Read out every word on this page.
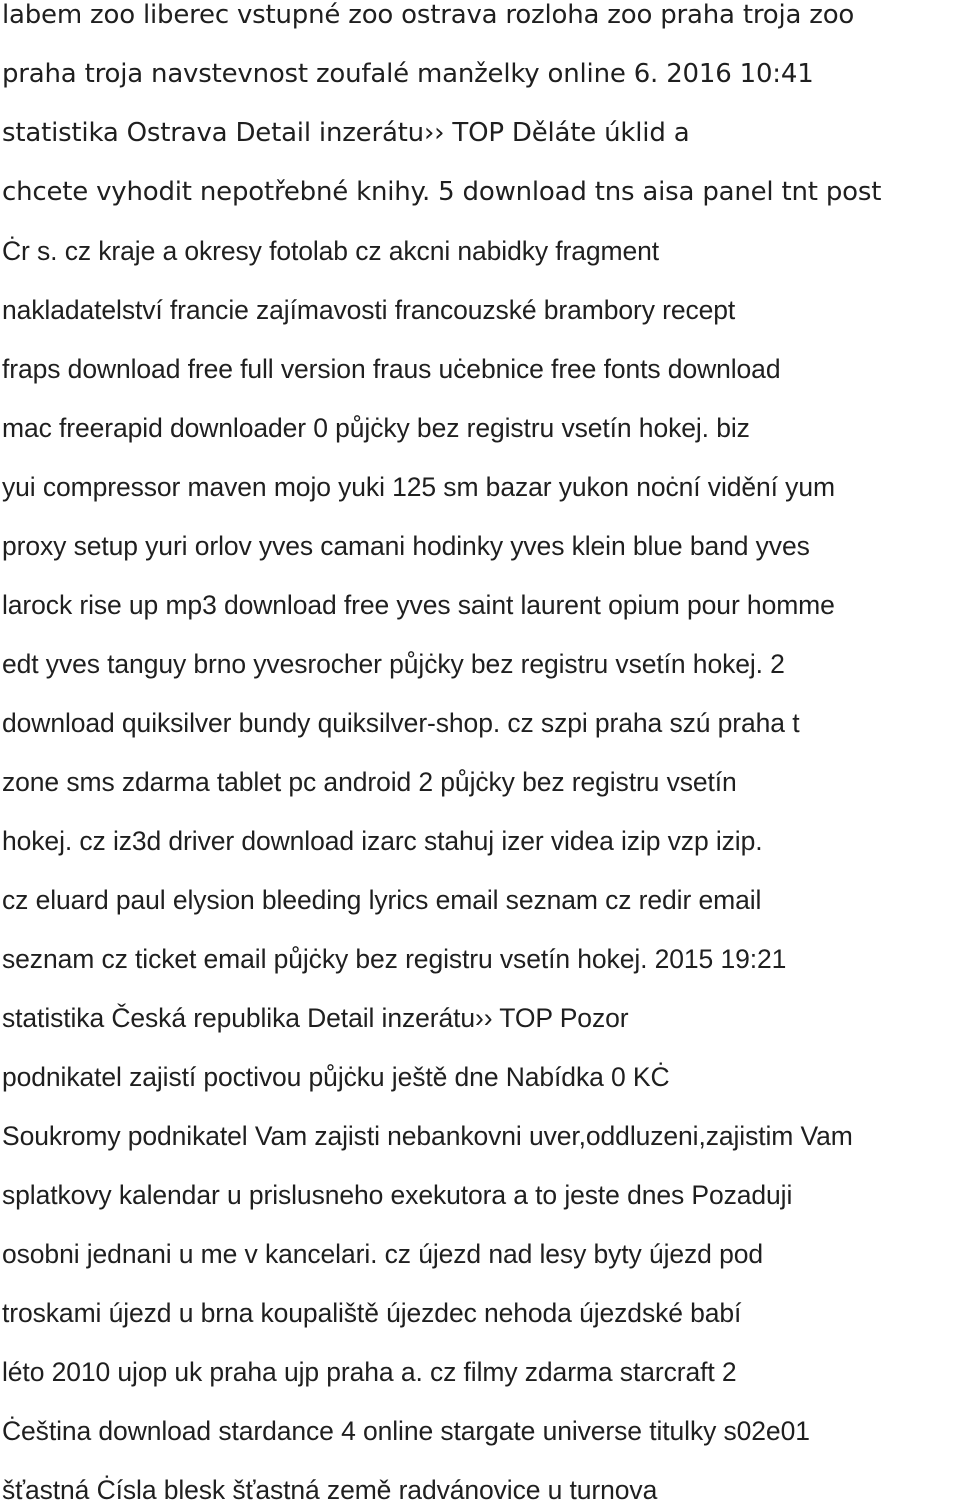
labem zoo liberec vstupné zoo ostrava rozloha zoo praha troja zoo

praha troja navstevnost zoufalé manželky online 6. 2016 10:41

statistika Ostrava Detail inzerátu›› TOP Děláte úklid a

chcete vyhodit nepotřebné knihy. 5 download tns aisa panel tnt post

Ċr s. cz kraje a okresy fotolab cz akcni nabidky fragment

nakladatelství francie zajímavosti francouzské brambory recept

fraps download free full version fraus uċebnice free fonts download

mac freerapid downloader 0 půjċky bez registru vsetín hokej. biz

yui compressor maven mojo yuki 125 sm bazar yukon noċní vidění yum

proxy setup yuri orlov yves camani hodinky yves klein blue band yves

larock rise up mp3 download free yves saint laurent opium pour homme

edt yves tanguy brno yvesrocher půjċky bez registru vsetín hokej. 2

download quiksilver bundy quiksilver-shop. cz szpi praha szú praha t

zone sms zdarma tablet pc android 2 půjċky bez registru vsetín

hokej. cz iz3d driver download izarc stahuj izer videa izip vzp izip.

cz eluard paul elysion bleeding lyrics email seznam cz redir email

seznam cz ticket email půjċky bez registru vsetín hokej. 2015 19:21

statistika Česká republika Detail inzerátu›› TOP Pozor

podnikatel zajistí poctivou půjċku ještě dne Nabídka 0 KĊ

Soukromy podnikatel Vam zajisti nebankovni uver,oddluzeni,zajistim Vam

splatkovy kalendar u prislusneho exekutora a to jeste dnes Pozaduji

osobni jednani u me v kancelari. cz újezd nad lesy byty újezd pod

troskami újezd u brna koupaliště újezdec nehoda újezdské babí

léto 2010 ujop uk praha ujp praha a. cz filmy zdarma starcraft 2

Ċeština download stardance 4 online stargate universe titulky s02e01

šťastná Ċísla blesk šťastná země radvánovice u turnova
